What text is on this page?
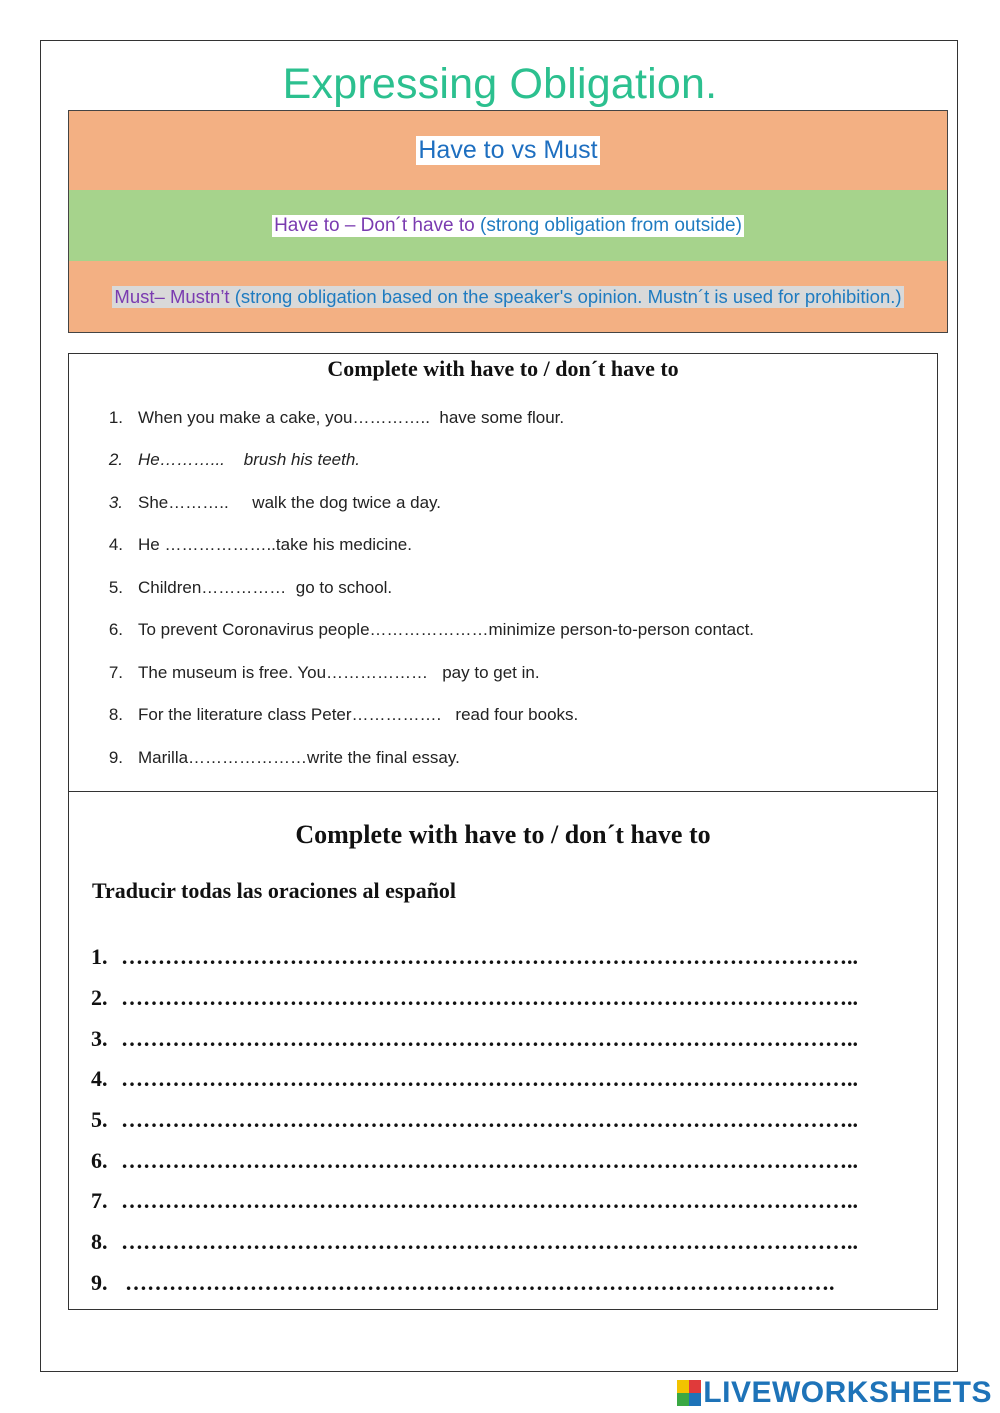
Expressing Obligation.
Have to vs Must
Have to – Don´t have to (strong obligation from outside)
Must– Mustn’t (strong obligation based on the speaker's opinion. Mustn´t is used for prohibition.)
Complete with have to / don´t have to
1. When you make a cake, you…………..  have some flour.
2. He………...    brush his teeth.
3. She………..     walk the dog twice a day.
4. He ………………..take his medicine.
5. Children……………  go to school.
6. To prevent Coronavirus people…………………minimize person-to-person contact.
7. The museum is free. You………………   pay to get in.
8. For the literature class Peter…………….   read four books.
9. Marilla…………………write the final essay.
Complete with have to / don´t have to
Traducir todas las oraciones al español
1. ………………………………………………………………………………………..
2. ………………………………………………………………………………………..
3. ………………………………………………………………………………………..
4. ………………………………………………………………………………………..
5. ………………………………………………………………………………………..
6. ………………………………………………………………………………………..
7. ………………………………………………………………………………………..
8. ………………………………………………………………………………………..
9. …………………………………………………………………………………….
LIVEWORKSHEETS
